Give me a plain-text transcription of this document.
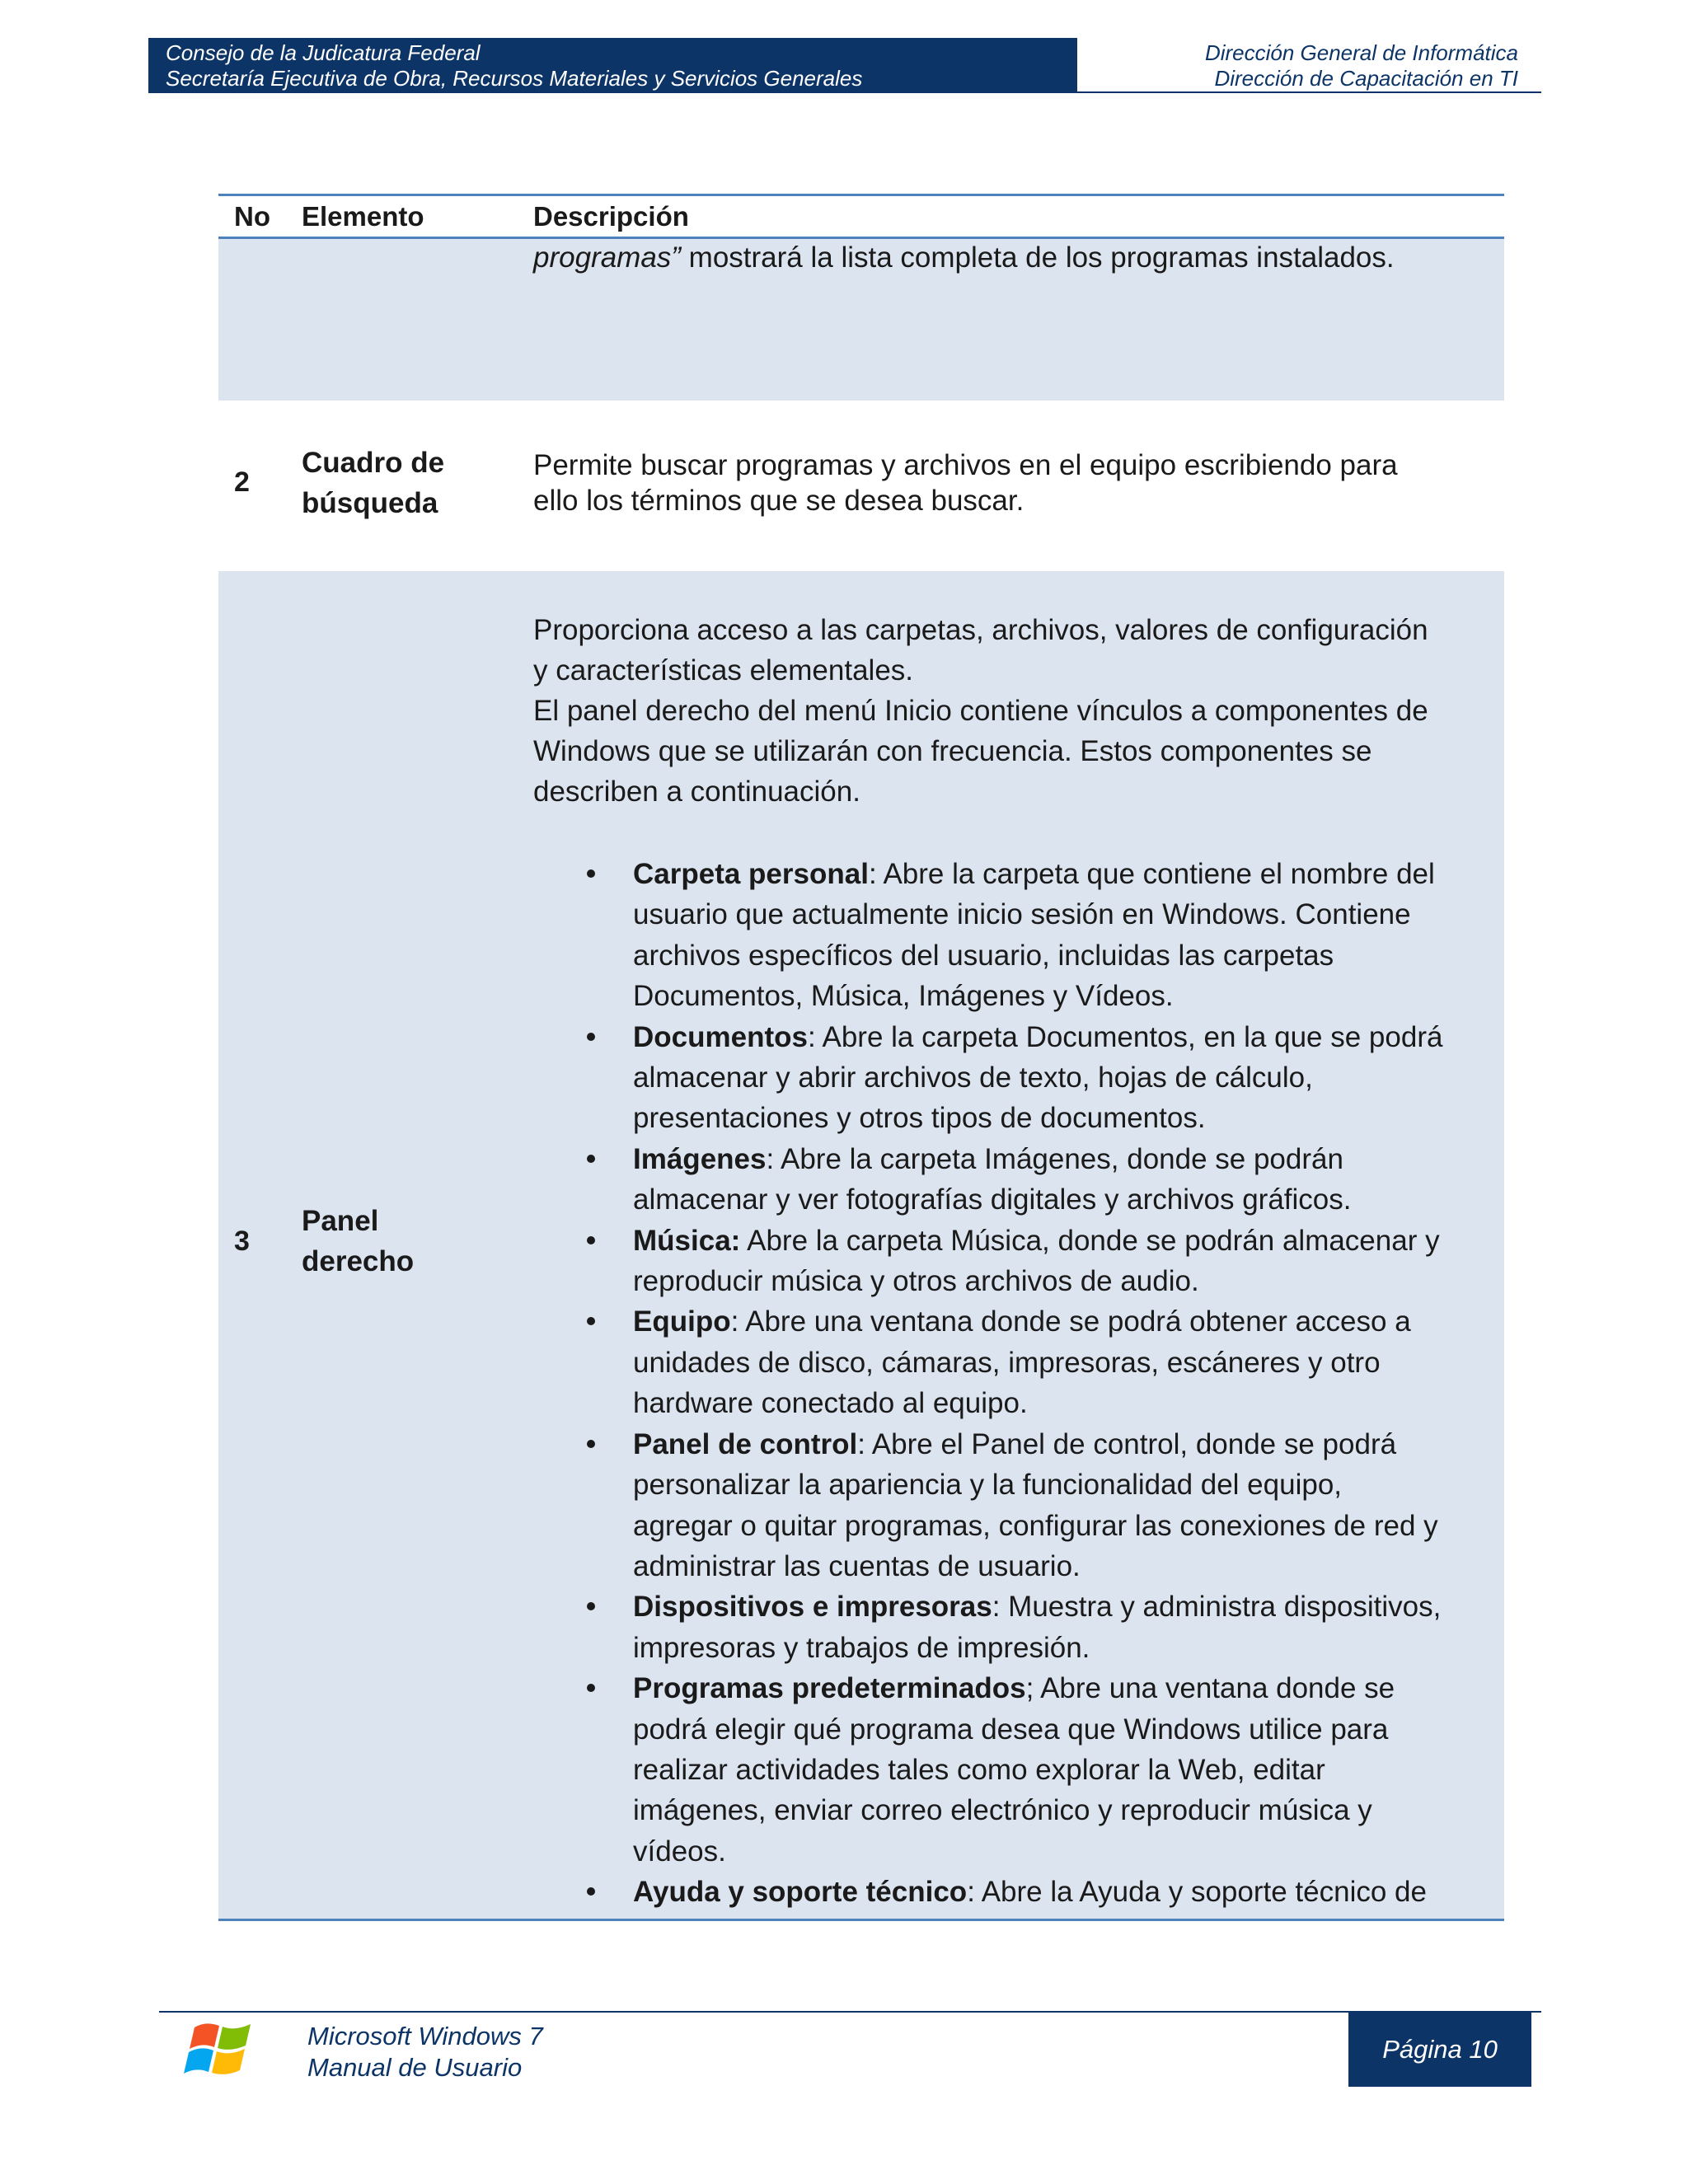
Consejo de la Judicatura Federal
Secretaría Ejecutiva de Obra, Recursos Materiales y Servicios Generales
Dirección General de Informática
Dirección de Capacitación en TI
No Elemento	Descripción
programas” mostrará la lista completa de los programas instalados.
2
Cuadro de
búsqueda
Permite buscar programas y archivos en el equipo escribiendo para
ello los términos que se desea buscar.
3
Panel
derecho
Proporciona acceso a las carpetas, archivos, valores de configuración
y características elementales.
El panel derecho del menú Inicio contiene vínculos a componentes de
Windows que se utilizarán con frecuencia. Estos componentes se
describen a continuación.
Carpeta personal: Abre la carpeta que contiene el nombre del
usuario que actualmente inicio sesión en Windows. Contiene
archivos específicos del usuario, incluidas las carpetas
Documentos, Música, Imágenes y Vídeos.
Documentos: Abre la carpeta Documentos, en la que se podrá
almacenar y abrir archivos de texto, hojas de cálculo,
presentaciones y otros tipos de documentos.
Imágenes: Abre la carpeta Imágenes, donde se podrán
almacenar y ver fotografías digitales y archivos gráficos.
Música: Abre la carpeta Música, donde se podrán almacenar y
reproducir música y otros archivos de audio.
Equipo: Abre una ventana donde se podrá obtener acceso a
unidades de disco, cámaras, impresoras, escáneres y otro
hardware conectado al equipo.
Panel de control: Abre el Panel de control, donde se podrá
personalizar la apariencia y la funcionalidad del equipo,
agregar o quitar programas, configurar las conexiones de red y
administrar las cuentas de usuario.
Dispositivos e impresoras: Muestra y administra dispositivos,
impresoras y trabajos de impresión.
Programas predeterminados; Abre una ventana donde se
podrá elegir qué programa desea que Windows utilice para
realizar actividades tales como explorar la Web, editar
imágenes, enviar correo electrónico y reproducir música y
vídeos.
Ayuda y soporte técnico: Abre la Ayuda y soporte técnico de
Microsoft Windows 7
Manual de Usuario
Página 10
